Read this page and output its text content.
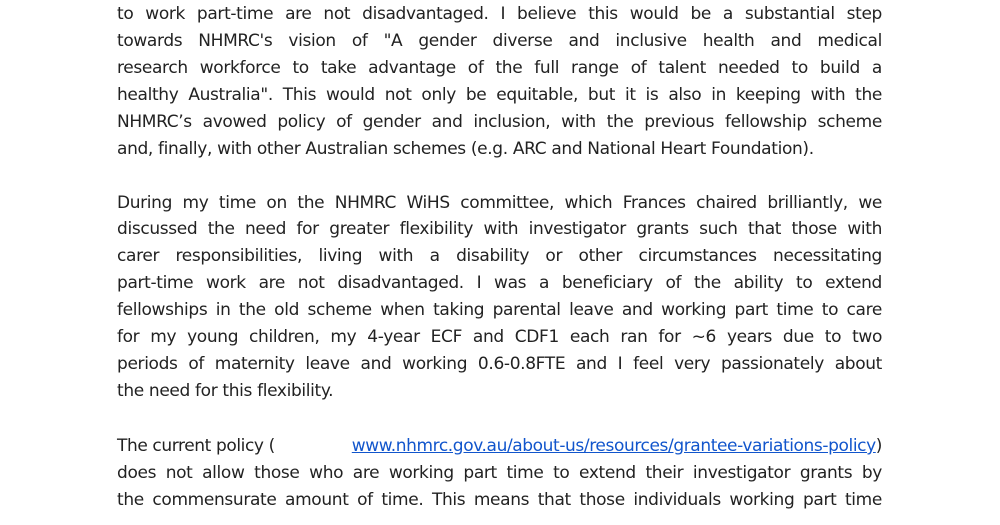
to work part-time are not disadvantaged. I believe this would be a substantial step
towards NHMRC's vision of "A gender diverse and inclusive health and medical
research workforce to take advantage of the full range of talent needed to build a
healthy Australia". This would not only be equitable, but it is also in keeping with the
NHMRC’s avowed policy of gender and inclusion, with the previous fellowship scheme
and, finally, with other Australian schemes (e.g. ARC and National Heart Foundation).
During my time on the NHMRC WiHS committee, which Frances chaired brilliantly, we
discussed the need for greater flexibility with investigator grants such that those with
carer responsibilities, living with a disability or other circumstances necessitating
part-time work are not disadvantaged. I was a beneficiary of the ability to extend
fellowships in the old scheme when taking parental leave and working part time to care
for my young children, my 4-year ECF and CDF1 each ran for ~6 years due to two
periods of maternity leave and working 0.6-0.8FTE and I feel very passionately about
the need for this flexibility.
The current policy (	www.nhmrc.gov.au/about-us/resources/grantee-variations-policy)
does not allow those who are working part time to extend their investigator grants by
the commensurate amount of time. This means that those individuals working part time
